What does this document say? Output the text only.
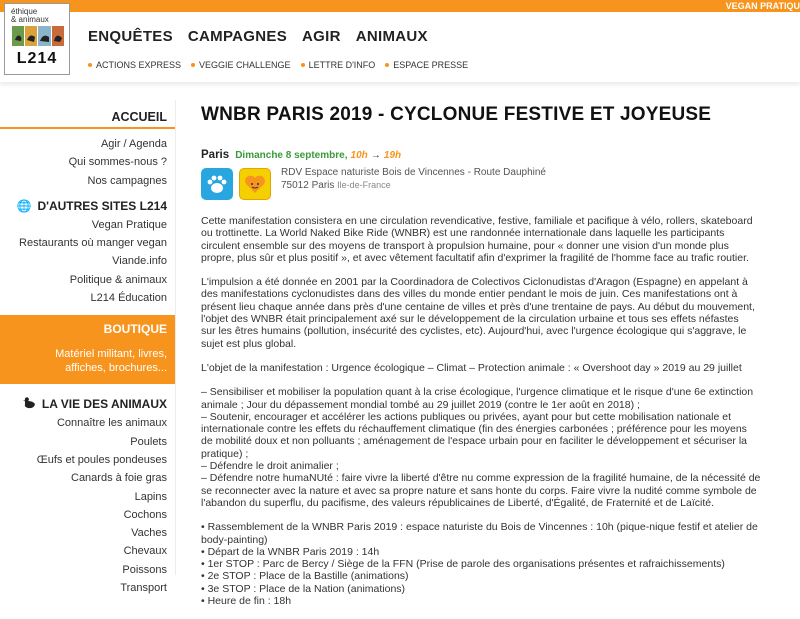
VEGAN PRATIQU
éthique
& animaux
L214
ENQUÊTES CAMPAGNES AGIR ANIMAUX
ACTIONS EXPRESS VEGGIE CHALLENGE LETTRE D'INFO ESPACE PRESSE
ACCUEIL
Agir / Agenda
Qui sommes-nous ?
Nos campagnes
🌐 D'AUTRES SITES L214
Vegan Pratique
Restaurants où manger vegan
Viande.info
Politique & animaux
L214 Éducation
BOUTIQUE
Matériel militant, livres,
affiches, brochures...
LA VIE DES ANIMAUX
Connaître les animaux
Poulets
Œufs et poules pondeuses
Canards à foie gras
Lapins
Cochons
Vaches
Chevaux
Poissons
Transport
WNBR PARIS 2019 - CYCLONUE FESTIVE ET JOYEUSE
Paris Dimanche 8 septembre, 10h → 19h
RDV Espace naturiste Bois de Vincennes - Route Dauphiné
75012 Paris Ile-de-France
Cette manifestation consistera en une circulation revendicative, festive, familiale et pacifique à vélo, rollers, skateboard
ou trottinette. La World Naked Bike Ride (WNBR) est une randonnée internationale dans laquelle les participants
circulent ensemble sur des moyens de transport à propulsion humaine, pour « donner une vision d'un monde plus
propre, plus sûr et plus positif », et avec vêtement facultatif afin d'exprimer la fragilité de l'homme face au trafic routier.
L'impulsion a été donnée en 2001 par la Coordinadora de Colectivos Ciclonudistas d'Aragon (Espagne) en appelant à
des manifestations cyclonudistes dans des villes du monde entier pendant le mois de juin. Ces manifestations ont à
présent lieu chaque année dans près d'une centaine de villes et près d'une trentaine de pays. Au début du mouvement,
l'objet des WNBR était principalement axé sur le développement de la circulation urbaine et tous ses effets néfastes
sur les êtres humains (pollution, insécurité des cyclistes, etc). Aujourd'hui, avec l'urgence écologique qui s'aggrave, le
sujet est plus global.
L'objet de la manifestation : Urgence écologique – Climat – Protection animale : « Overshoot day » 2019 au 29 juillet
– Sensibiliser et mobiliser la population quant à la crise écologique, l'urgence climatique et le risque d'une 6e extinction
animale ; Jour du dépassement mondial tombé au 29 juillet 2019 (contre le 1er août en 2018) ;
– Soutenir, encourager et accélérer les actions publiques ou privées, ayant pour but cette mobilisation nationale et
internationale contre les effets du réchauffement climatique (fin des énergies carbonées ; préférence pour les moyens
de mobilité doux et non polluants ; aménagement de l'espace urbain pour en faciliter le développement et sécuriser la
pratique) ;
– Défendre le droit animalier ;
– Défendre notre humaNUté : faire vivre la liberté d'être nu comme expression de la fragilité humaine, de la nécessité de
se reconnecter avec la nature et avec sa propre nature et sans honte du corps. Faire vivre la nudité comme symbole de
l'abandon du superflu, du pacifisme, des valeurs républicaines de Liberté, d'Égalité, de Fraternité et de Laïcité.
• Rassemblement de la WNBR Paris 2019 : espace naturiste du Bois de Vincennes : 10h (pique-nique festif et atelier de
body-painting)
• Départ de la WNBR Paris 2019 : 14h
• 1er STOP : Parc de Bercy / Siège de la FFN (Prise de parole des organisations présentes et rafraichissements)
• 2e STOP : Place de la Bastille (animations)
• 3e STOP : Place de la Nation (animations)
• Heure de fin : 18h
